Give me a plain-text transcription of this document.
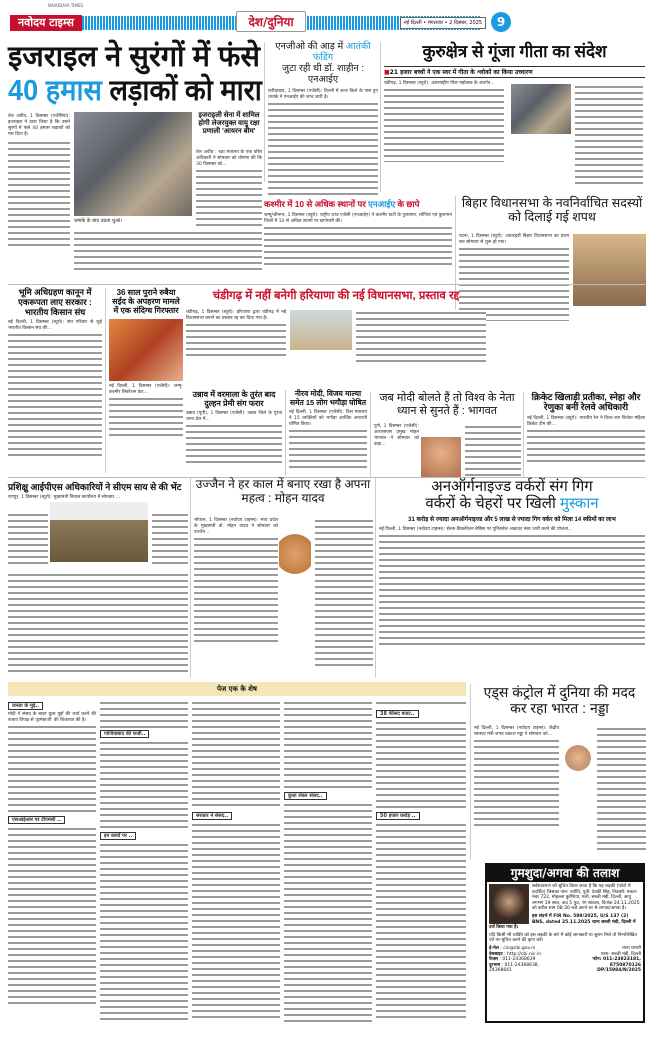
NAVODAYA TIMES
नवोदय टाइम्स	देश/दुनिया	नई दिल्ली • मंगलवार • 2 दिसंबर, 2025	9
इजराइल ने सुरंगों में फंसे
40 हमास लड़ाकों को मारा
तेल अवीव, 1 दिसम्बर (एजेंसियां): इजराइल ने दावा किया है कि उसने सुरंगों में फंसे 40 हमास लड़ाकों को मार दिया है।
धमाके के बाद उठता धुआं।
इजराइली सेना में शामिल होगी लेजरयुक्त वायु रक्षा प्रणाली 'आयरन बीम'
तेल अवीव : रक्षा मंत्रालय के एक वरिष्ठ अधिकारी ने सोमवार को घोषणा की कि 30 दिसम्बर को...
एनजीओ की आड़ में आतंकी फंडिंग
जुटा रही थी डॉ. शाहीन : एनआईए
फरीदाबाद, 1 दिसम्बर (एजेंसी): दिल्ली में लाल किले के पास हुए धमाके ने एनआईए की जांच जारी है।
कुरुक्षेत्र से गूंजा गीता का संदेश
■21 हजार बच्चों ने एक स्वर में गीता के श्लोकों का किया उच्चारण
चंडीगढ़, 1 दिसम्बर (ब्यूरो): अंतरराष्ट्रीय गीता महोत्सव के अंतर्गत...
कश्मीर में 10 से अधिक स्थानों पर एनआईए के छापे
जम्मू/श्रीनगर, 1 दिसम्बर (ब्यूरो): राष्ट्रीय जांच एजेंसी (एनआईए) ने कश्मीर घाटी के पुलवामा, शोपियां एवं कुलगाम जिलों में 10 से अधिक स्थानों पर छापेमारी की।
बिहार विधानसभा के नवनिर्वाचित सदस्यों को दिलाई गई शपथ
पटना, 1 दिसम्बर (ब्यूरो): अठारहवीं बिहार विधानसभा का प्रथम सत्र सोमवार से शुरू हो गया।
भूमि अधिग्रहण कानून में एकरूपता लाए सरकार : भारतीय किसान संघ
नई दिल्ली, 1 दिसम्बर (ब्यूरो): संघ परिवार से जुड़े भारतीय किसान संघ की...
36 साल पुराने रुबैया सईद के अपहरण मामले में एक संदिग्ध गिरफ्तार
नई दिल्ली, 1 दिसम्बर (एजेंसी): जम्मू-कश्मीर लिबरेशन फ्रंट...
चंडीगढ़ में नहीं बनेगी हरियाणा की नई विधानसभा, प्रस्ताव रद्द
चंडीगढ़, 1 दिसम्बर (ब्यूरो): हरियाणा द्वारा चंडीगढ़ में नई विधानसभा बनाने का प्रस्ताव रद्द कर दिया गया है।
उन्नाव में वरमाला के तुरंत बाद दुल्हन प्रेमी संग फरार
उन्नाव (यूपी), 1 दिसम्बर (एजेंसी): उन्नाव जिले के पुरवा थाना क्षेत्र में...
नीरव मोदी, विजय माल्या समेत 15 लोग भगौड़ा घोषित
नई दिल्ली, 1 दिसम्बर (एजेंसी): वित्त मंत्रालय ने 15 व्यक्तियों को भगौड़ा आर्थिक अपराधी घोषित किया।
जब मोदी बोलते हैं तो विश्व के नेता ध्यान से सुनते हैं : भागवत
पुणे, 1 दिसम्बर (एजेंसी): आरएसएस प्रमुख मोहन भागवत ने सोमवार को कहा...
क्रिकेट खिलाड़ी प्रतीका, स्नेहा और रेणुका बनीं रेलवे अधिकारी
नई दिल्ली, 1 दिसम्बर (ब्यूरो): भारतीय रेल ने विश्व कप विजेता महिला क्रिकेट टीम की...
प्रशिक्षु आईपीएस अधिकारियों ने सीएम साय से की भेंट
रायपुर, 1 दिसम्बर (ब्यूरो): मुख्यमंत्री निवास कार्यालय में सोमवार ...
उज्जैन ने हर काल में बनाए रखा है अपना महत्व : मोहन यादव
भोपाल, 1 दिसम्बर (नवोदय टाइम्स): मध्य प्रदेश के मुख्यमंत्री डॉ. मोहन यादव ने सोमवार को उज्जैन...
अनऑर्गनाइज्ड वर्करों संग गिग
वर्करों के चेहरों पर खिली मुस्कान
31 करोड़ से ज्यादा अनऑर्गनाइज्ड और 5 लाख से ज्यादा गिग वर्कर को मिला 14 स्कीमों का लाभ
नई दिल्ली, 1 दिसम्बर (नवोदय टाइम्स): सेल्फ-डिक्लेरेशन बेसिस पर यूनिवर्सल अकाउंट नंबर जारी करने की योजना...
पेज एक के शेष
जनता के मुद्दे..
मोदी ने संसद के बाहर कुछ मुद्दों की चर्चा करने की बजाय विपक्ष से 'ड्रामेबाजी' की शिकायत की है।
एसआईआर पर टीएमसी ..
गाजियाबाद की फर्जी..
इन कार्यों पर ..
सरकार ने संसद..
कुत्ता लेकर संसद..
38 फीसद बजट..
50 हजार करोड़ ..
एड्स कंट्रोल में दुनिया की मदद कर रहा भारत : नड्डा
नई दिल्ली, 1 दिसम्बर (नवोदय टाइम्स): केंद्रीय स्वास्थ्य मंत्री जगत प्रकाश नड्डा ने सोमवार को...
गुमशुदा/अगवा की तलाश
सर्वसाधारण को सूचित किया जाता है कि यह लड़की (फोटो में प्रदर्शित) जिसका नाम: ज्योति, पुत्री: देवकी सिंह, निवासी: मकान नंबर 722, मोहल्ला कुरेशिया, गली, सब्जी मंडी, दिल्ली, आयु लगभग 19 साल, कद 5 फुट, रंग सांवला, दिनांक 24.11.2025 को करीब शाम 08:30 बजे अपने घर से लापता/अगवा है।
इस संदर्भ में FIR No. 589/2025, U/S 137 (2) BNS, dated 25.11.2025 थाना सब्जी मंडी, दिल्ली में दर्ज किया गया है।
यदि किसी भी व्यक्ति को इस लड़की के बारे में कोई जानकारी या सुराग मिले तो निम्नलिखित पते पर सूचित करने की कृपा करें।
ई-मेल : cic@cbi.gov.in
वेबसाइट : http://cbi.nic.in
फैक्स : 011-24368639
दूरभाष : 011-24368638, 24368641
थाना प्रभारी
थाना- सब्जी मंडी, दिल्ली
फोन: 011-23823181, 8750870126
DP/15984/N/2025
